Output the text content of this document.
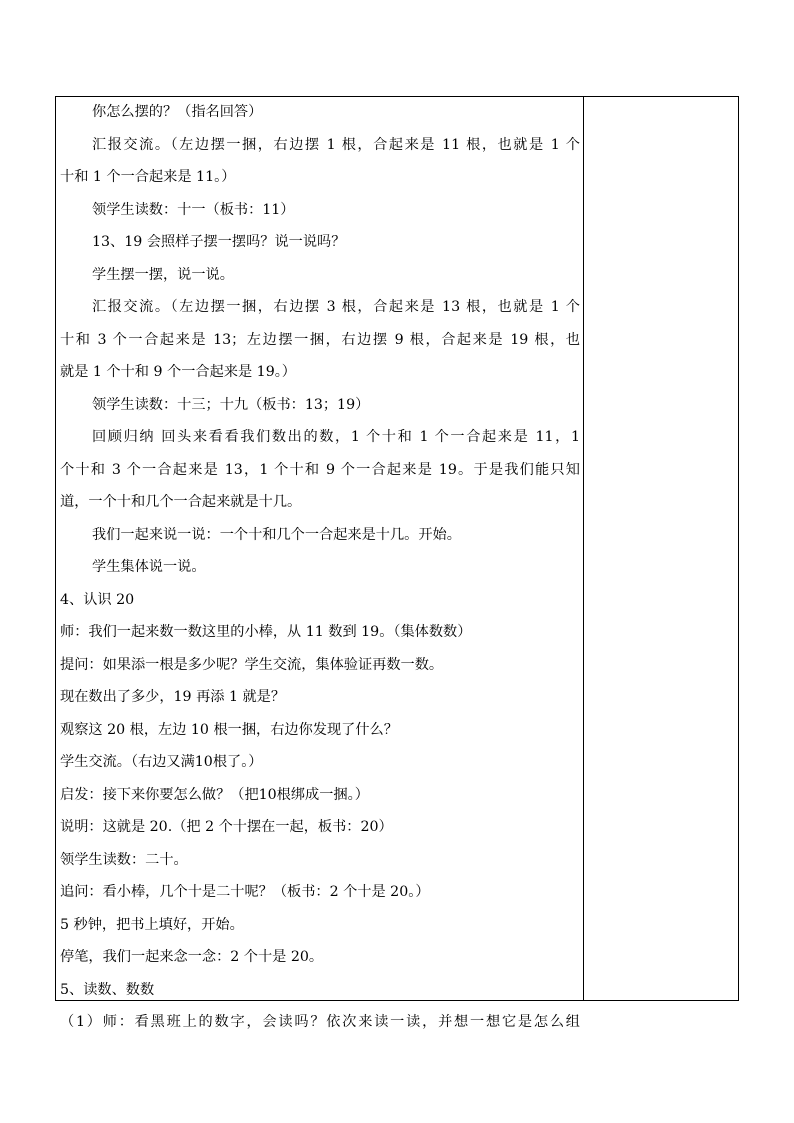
你怎么摆的？（指名回答）
汇报交流。（左边摆一捆，右边摆 1 根，合起来是 11 根，也就是 1 个
十和 1 个一合起来是 11。）
领学生读数：十一（板书：11）
13、19 会照样子摆一摆吗？说一说吗？
学生摆一摆，说一说。
汇报交流。（左边摆一捆，右边摆 3 根，合起来是 13 根，也就是 1 个
十和 3 个一合起来是 13；左边摆一捆，右边摆 9 根，合起来是 19 根，也
就是 1 个十和 9 个一合起来是 19。）
领学生读数：十三；十九（板书：13；19）
回顾归纳 回头来看看我们数出的数，1 个十和 1 个一合起来是 11，1
个十和 3 个一合起来是 13，1 个十和 9 个一合起来是 19。于是我们能只知
道，一个十和几个一合起来就是十几。
我们一起来说一说：一个十和几个一合起来是十几。开始。
学生集体说一说。
4、认识 20
师：我们一起来数一数这里的小棒，从 11 数到 19。（集体数数）
提问：如果添一根是多少呢？学生交流，集体验证再数一数。
现在数出了多少，19 再添 1 就是？
观察这 20 根，左边 10 根一捆，右边你发现了什么？
学生交流。（右边又满10根了。）
启发：接下来你要怎么做？（把10根绑成一捆。）
说明：这就是 20.（把 2 个十摆在一起，板书：20）
领学生读数：二十。
追问：看小棒，几个十是二十呢？（板书：2 个十是 20。）
5 秒钟，把书上填好，开始。
停笔，我们一起来念一念：2 个十是 20。
5、读数、数数
（1）师：看黑班上的数字，会读吗？依次来读一读，并想一想它是怎么组
